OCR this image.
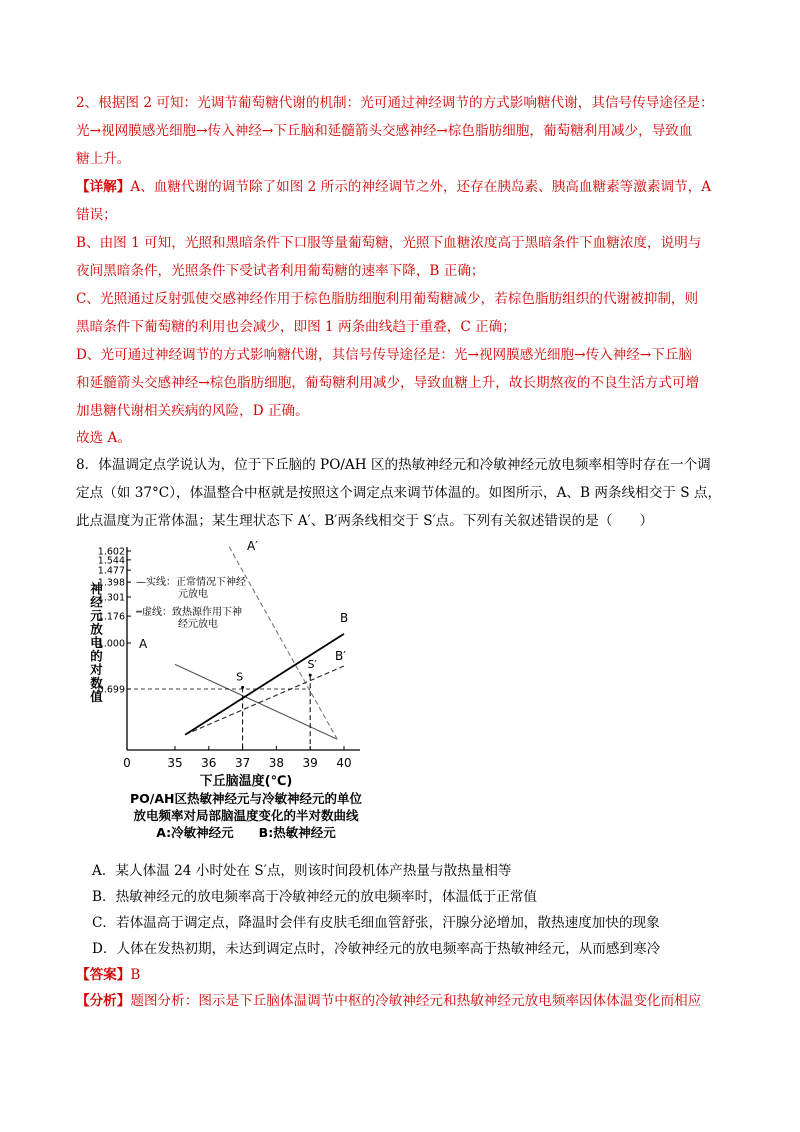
2、根据图 2 可知：光调节葡萄糖代谢的机制：光可通过神经调节的方式影响糖代谢，其信号传导途径是：
光→视网膜感光细胞→传入神经→下丘脑和延髓箭头交感神经→棕色脂肪细胞，葡萄糖利用减少，导致血
糖上升。
【详解】A、血糖代谢的调节除了如图 2 所示的神经调节之外，还存在胰岛素、胰高血糖素等激素调节，A
错误；
B、由图 1 可知，光照和黑暗条件下口服等量葡萄糖，光照下血糖浓度高于黑暗条件下血糖浓度，说明与
夜间黑暗条件，光照条件下受试者利用葡萄糖的速率下降，B 正确；
C、光照通过反射弧使交感神经作用于棕色脂肪细胞利用葡萄糖减少，若棕色脂肪组织的代谢被抑制，则
黑暗条件下葡萄糖的利用也会减少，即图 1 两条曲线趋于重叠，C 正确；
D、光可通过神经调节的方式影响糖代谢，其信号传导途径是：光→视网膜感光细胞→传入神经→下丘脑
和延髓箭头交感神经→棕色脂肪细胞，葡萄糖利用减少，导致血糖上升，故长期熬夜的不良生活方式可增
加患糖代谢相关疾病的风险，D 正确。
故选 A。
8．体温调定点学说认为，位于下丘脑的 PO/AH 区的热敏神经元和冷敏神经元放电频率相等时存在一个调
定点（如 37°C），体温整合中枢就是按照这个调定点来调节体温的。如图所示，A、B 两条线相交于 S 点，
此点温度为正常体温；某生理状态下 A′、B′两条线相交于 S′点。下列有关叙述错误的是（　　）
0	35 36 37 38 39 40
1.602
1.544
1.477
1.398
1.301
1.176
1.000
0.699
—实线：正常情况下神经
元放电
┅虚线：致热源作用下神
经元放电
神经元放电的对数值
下丘脑温度(℃)
PO/AH区热敏神经元与冷敏神经元的单位
放电频率对局部脑温度变化的半对数曲线
A:冷敏神经元　　B:热敏神经元
A
B
A′
B′
S
S′
A．某人体温 24 小时处在 S′点，则该时间段机体产热量与散热量相等
B．热敏神经元的放电频率高于冷敏神经元的放电频率时，体温低于正常值
C．若体温高于调定点，降温时会伴有皮肤毛细血管舒张，汗腺分泌增加，散热速度加快的现象
D．人体在发热初期，未达到调定点时，冷敏神经元的放电频率高于热敏神经元，从而感到寒冷
【答案】B
【分析】题图分析：图示是下丘脑体温调节中枢的冷敏神经元和热敏神经元放电频率因体体温变化而相应
